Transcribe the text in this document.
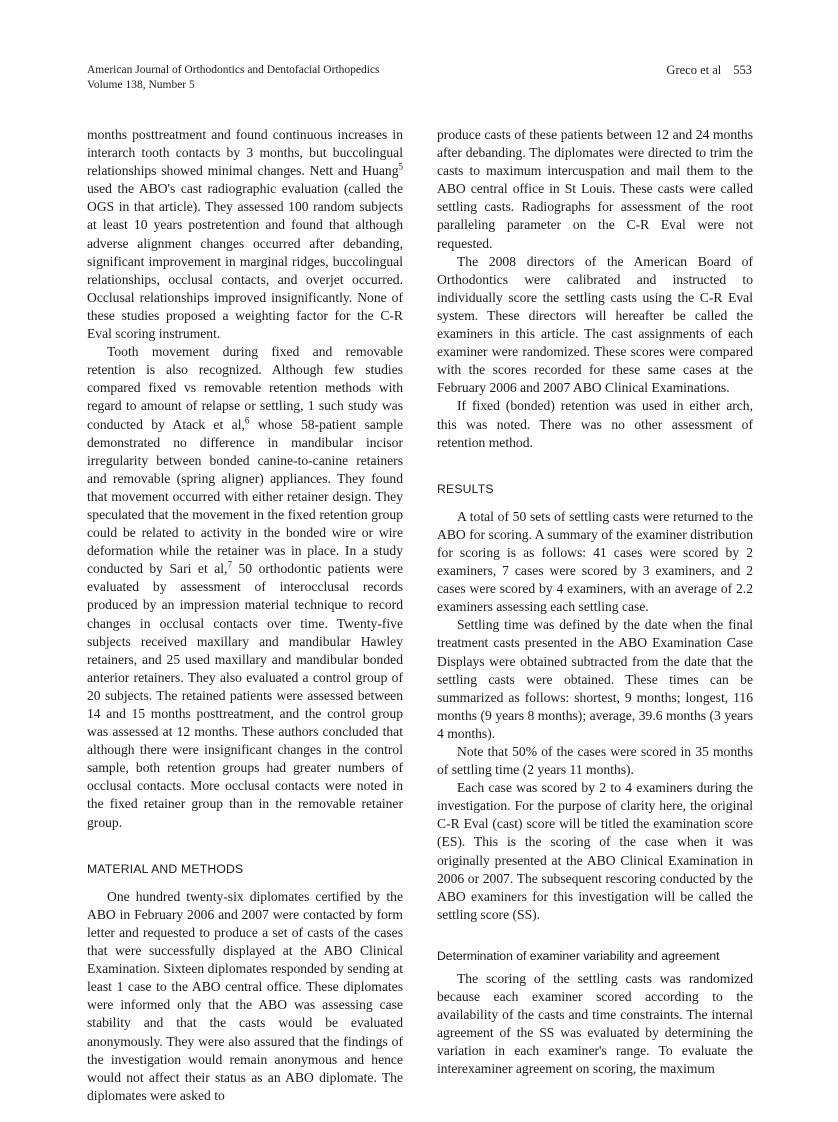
American Journal of Orthodontics and Dentofacial Orthopedics
Volume 138, Number 5
Greco et al 553

months posttreatment and found continuous increases in interarch tooth contacts by 3 months, but buccolingual relationships showed minimal changes. Nett and Huang$^5$ used the ABO's cast radiographic evaluation (called the OGS in that article). They assessed 100 random subjects at least 10 years postretention and found that although adverse alignment changes occurred after debanding, significant improvement in marginal ridges, buccolingual relationships, occlusal contacts, and overjet occurred. Occlusal relationships improved insignificantly. None of these studies proposed a weighting factor for the C-R Eval scoring instrument.

Tooth movement during fixed and removable retention is also recognized. Although few studies compared fixed vs removable retention methods with regard to amount of relapse or settling, 1 such study was conducted by Atack et al,$^6$ whose 58-patient sample demonstrated no difference in mandibular incisor irregularity between bonded canine-to-canine retainers and removable (spring aligner) appliances. They found that movement occurred with either retainer design. They speculated that the movement in the fixed retention group could be related to activity in the bonded wire or wire deformation while the retainer was in place. In a study conducted by Sari et al,$^7$ 50 orthodontic patients were evaluated by assessment of interocclusal records produced by an impression material technique to record changes in occlusal contacts over time. Twenty-five subjects received maxillary and mandibular Hawley retainers, and 25 used maxillary and mandibular bonded anterior retainers. They also evaluated a control group of 20 subjects. The retained patients were assessed between 14 and 15 months posttreatment, and the control group was assessed at 12 months. These authors concluded that although there were insignificant changes in the control sample, both retention groups had greater numbers of occlusal contacts. More occlusal contacts were noted in the fixed retainer group than in the removable retainer group.

MATERIAL AND METHODS

One hundred twenty-six diplomates certified by the ABO in February 2006 and 2007 were contacted by form letter and requested to produce a set of casts of the cases that were successfully displayed at the ABO Clinical Examination. Sixteen diplomates responded by sending at least 1 case to the ABO central office. These diplomates were informed only that the ABO was assessing case stability and that the casts would be evaluated anonymously. They were also assured that the findings of the investigation would remain anonymous and hence would not affect their status as an ABO diplomate. The diplomates were asked to

produce casts of these patients between 12 and 24 months after debanding. The diplomates were directed to trim the casts to maximum intercuspation and mail them to the ABO central office in St Louis. These casts were called settling casts. Radiographs for assessment of the root paralleling parameter on the C-R Eval were not requested.

The 2008 directors of the American Board of Orthodontics were calibrated and instructed to individually score the settling casts using the C-R Eval system. These directors will hereafter be called the examiners in this article. The cast assignments of each examiner were randomized. These scores were compared with the scores recorded for these same cases at the February 2006 and 2007 ABO Clinical Examinations.

If fixed (bonded) retention was used in either arch, this was noted. There was no other assessment of retention method.

RESULTS

A total of 50 sets of settling casts were returned to the ABO for scoring. A summary of the examiner distribution for scoring is as follows: 41 cases were scored by 2 examiners, 7 cases were scored by 3 examiners, and 2 cases were scored by 4 examiners, with an average of 2.2 examiners assessing each settling case.

Settling time was defined by the date when the final treatment casts presented in the ABO Examination Case Displays were obtained subtracted from the date that the settling casts were obtained. These times can be summarized as follows: shortest, 9 months; longest, 116 months (9 years 8 months); average, 39.6 months (3 years 4 months).

Note that 50% of the cases were scored in 35 months of settling time (2 years 11 months).

Each case was scored by 2 to 4 examiners during the investigation. For the purpose of clarity here, the original C-R Eval (cast) score will be titled the examination score (ES). This is the scoring of the case when it was originally presented at the ABO Clinical Examination in 2006 or 2007. The subsequent rescoring conducted by the ABO examiners for this investigation will be called the settling score (SS).

Determination of examiner variability and agreement

The scoring of the settling casts was randomized because each examiner scored according to the availability of the casts and time constraints. The internal agreement of the SS was evaluated by determining the variation in each examiner's range. To evaluate the interexaminer agreement on scoring, the maximum
